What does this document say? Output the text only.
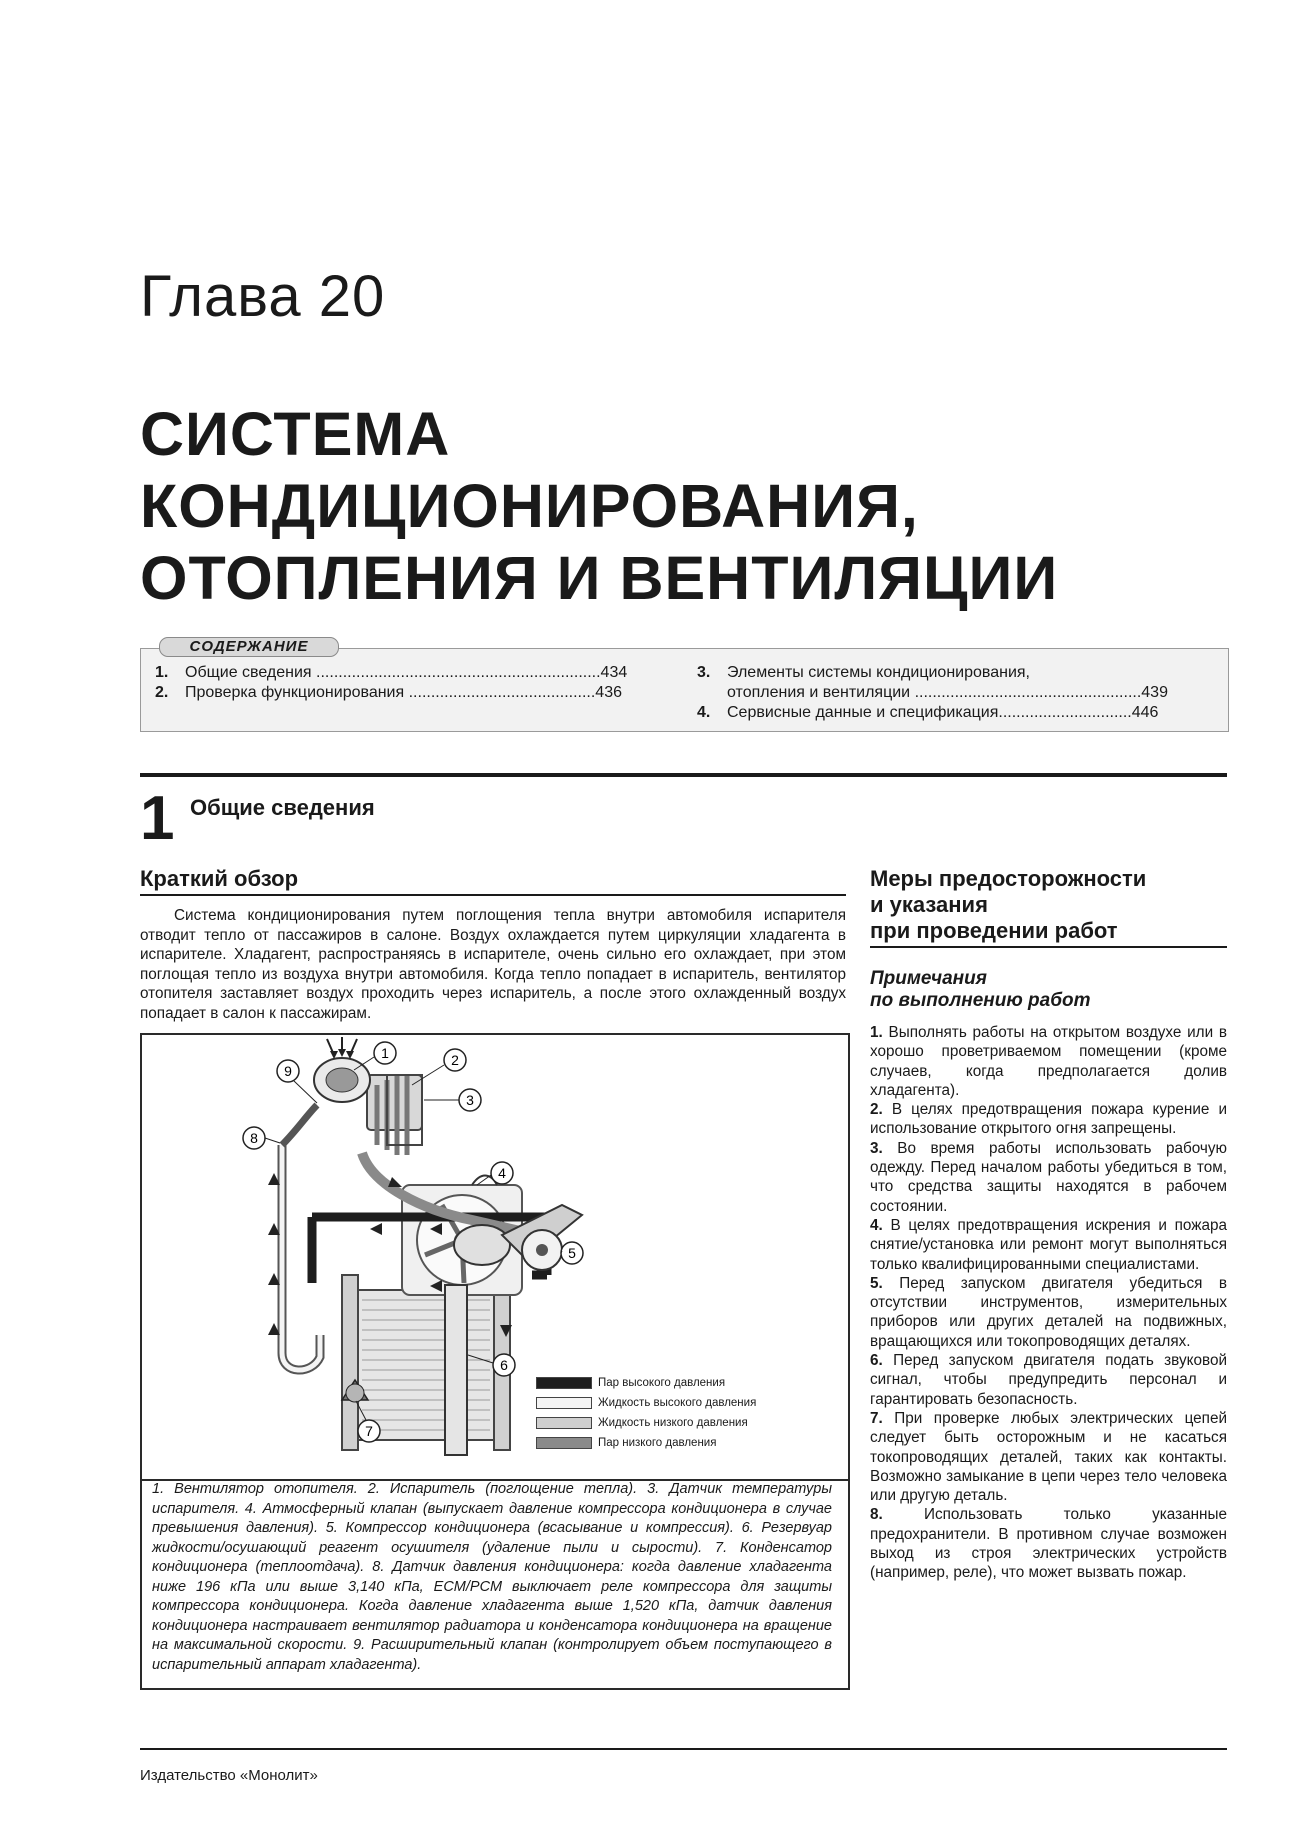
Глава 20
СИСТЕМА
КОНДИЦИОНИРОВАНИЯ,
ОТОПЛЕНИЯ И ВЕНТИЛЯЦИИ
СОДЕРЖАНИЕ
1. Общие сведения ................................................................434
2. Проверка функционирования ..........................................436
3. Элементы системы кондиционирования,
отопления и вентиляции ...................................................439
4. Сервисные данные и спецификация..............................446
1 Общие сведения
Краткий обзор

Система кондиционирования путем поглощения тепла внутри автомобиля испарителя отводит тепло от пассажиров в салоне. Воздух охлаждается путем циркуляции хладагента в испарителе. Хладагент, распространяясь в испарителе, очень сильно его охлаждает, при этом поглощая тепло из воздуха внутри автомобиля. Когда тепло попадает в испаритель, вентилятор отопителя заставляет воздух проходить через испаритель, а после этого охлажденный воздух попадает в салон к пассажирам.

1	2
3
4
5
6
7
8
9
Пар высокого давления
Жидкость высокого давления
Жидкость низкого давления
Пар низкого давления

1. Вентилятор отопителя. 2. Испаритель (поглощение тепла). 3. Датчик температуры испарителя. 4. Атмосферный клапан (выпускает давление компрессора кондиционера в случае превышения давления). 5. Компрессор кондиционера (всасывание и компрессия). 6. Резервуар жидкости/осушающий реагент осушителя (удаление пыли и сырости). 7. Конденсатор кондиционера (теплоотдача). 8. Датчик давления кондиционера: когда давление хладагента ниже 196 кПа или выше 3,140 кПа, ECM/PCM выключает реле компрессора для защиты компрессора кондиционера. Когда давление хладагента выше 1,520 кПа, датчик давления кондиционера настраивает вентилятор радиатора и конденсатора кондиционера на вращение на максимальной скорости. 9. Расширительный клапан (контролирует объем поступающего в испарительный аппарат хладагента).

Меры предосторожности
и указания
при проведении работ
Примечания
по выполнению работ

1. Выполнять работы на открытом воздухе или в хорошо проветриваемом помещении (кроме случаев, когда предполагается долив хладагента).

2. В целях предотвращения пожара курение и использование открытого огня запрещены.

3. Во время работы использовать рабочую одежду. Перед началом работы убедиться в том, что средства защиты находятся в рабочем состоянии.

4. В целях предотвращения искрения и пожара снятие/установка или ремонт могут выполняться только квалифицированными специалистами.

5. Перед запуском двигателя убедиться в отсутствии инструментов, измерительных приборов или других деталей на подвижных, вращающихся или токопроводящих деталях.

6. Перед запуском двигателя подать звуковой сигнал, чтобы предупредить персонал и гарантировать безопасность.

7. При проверке любых электрических цепей следует быть осторожным и не касаться токопроводящих деталей, таких как контакты. Возможно замыкание в цепи через тело человека или другую деталь.

8.	Использовать только указанные предохранители. В противном случае возможен выход из строя электрических устройств (например, реле), что может вызвать пожар.

Издательство «Монолит»
